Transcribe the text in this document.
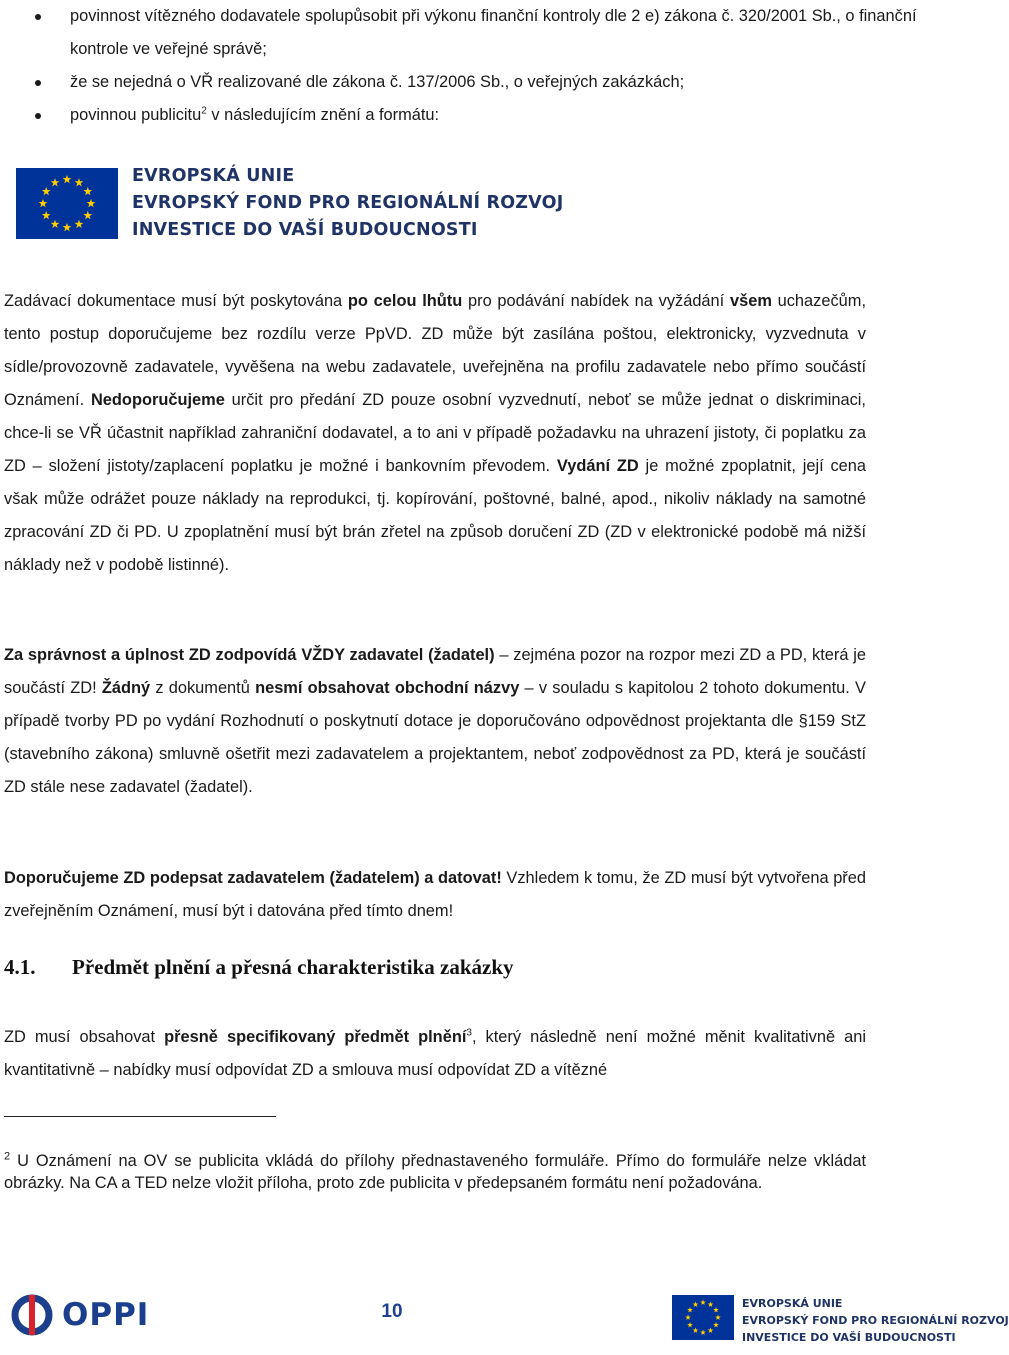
povinnost vítězného dodavatele spolupůsobit při výkonu finanční kontroly dle 2 e) zákona č. 320/2001 Sb., o finanční kontrole ve veřejné správě;
že se nejedná o VŘ realizované dle zákona č. 137/2006 Sb., o veřejných zakázkách;
povinnou publicitu$^2$ v následujícím znění a formátu:
EVROPSKÁ UNIE
EVROPSKÝ FOND PRO REGIONÁLNÍ ROZVOJ
INVESTICE DO VAŠÍ BUDOUCNOSTI

Zadávací dokumentace musí být poskytována po celou lhůtu pro podávání nabídek na vyžádání všem uchazečům, tento postup doporučujeme bez rozdílu verze PpVD. ZD může být zasílána poštou, elektronicky, vyzvednuta v sídle/provozovně zadavatele, vyvěšena na webu zadavatele, uveřejněna na profilu zadavatele nebo přímo součástí Oznámení. Nedoporučujeme určit pro předání ZD pouze osobní vyzvednutí, neboť se může jednat o diskriminaci, chce-li se VŘ účastnit například zahraniční dodavatel, a to ani v případě požadavku na uhrazení jistoty, či poplatku za ZD – složení jistoty/zaplacení poplatku je možné i bankovním převodem. Vydání ZD je možné zpoplatnit, její cena však může odrážet pouze náklady na reprodukci, tj. kopírování, poštovné, balné, apod., nikoliv náklady na samotné zpracování ZD či PD. U zpoplatnění musí být brán zřetel na způsob doručení ZD (ZD v elektronické podobě má nižší náklady než v podobě listinné).

Za správnost a úplnost ZD zodpovídá VŽDY zadavatel (žadatel) – zejména pozor na rozpor mezi ZD a PD, která je součástí ZD! Žádný z dokumentů nesmí obsahovat obchodní názvy – v souladu s kapitolou 2 tohoto dokumentu. V případě tvorby PD po vydání Rozhodnutí o poskytnutí dotace je doporučováno odpovědnost projektanta dle §159 StZ (stavebního zákona) smluvně ošetřit mezi zadavatelem a projektantem, neboť zodpovědnost za PD, která je součástí ZD stále nese zadavatel (žadatel).

Doporučujeme ZD podepsat zadavatelem (žadatelem) a datovat! Vzhledem k tomu, že ZD musí být vytvořena před zveřejněním Oznámení, musí být i datována před tímto dnem!

4.1. Předmět plnění a přesná charakteristika zakázky

ZD musí obsahovat přesně specifikovaný předmět plnění$^3$, který následně není možné měnit kvalitativně ani kvantitativně – nabídky musí odpovídat ZD a smlouva musí odpovídat ZD a vítězné

$^2$ U Oznámení na OV se publicita vkládá do přílohy přednastaveného formuláře. Přímo do formuláře nelze vkládat obrázky. Na CA a TED nelze vložit příloha, proto zde publicita v předepsaném formátu není požadována.

OPPI	10	EVROPSKÁ UNIE
EVROPSKÝ FOND PRO REGIONÁLNÍ ROZVOJ
INVESTICE DO VAŠÍ BUDOUCNOSTI
